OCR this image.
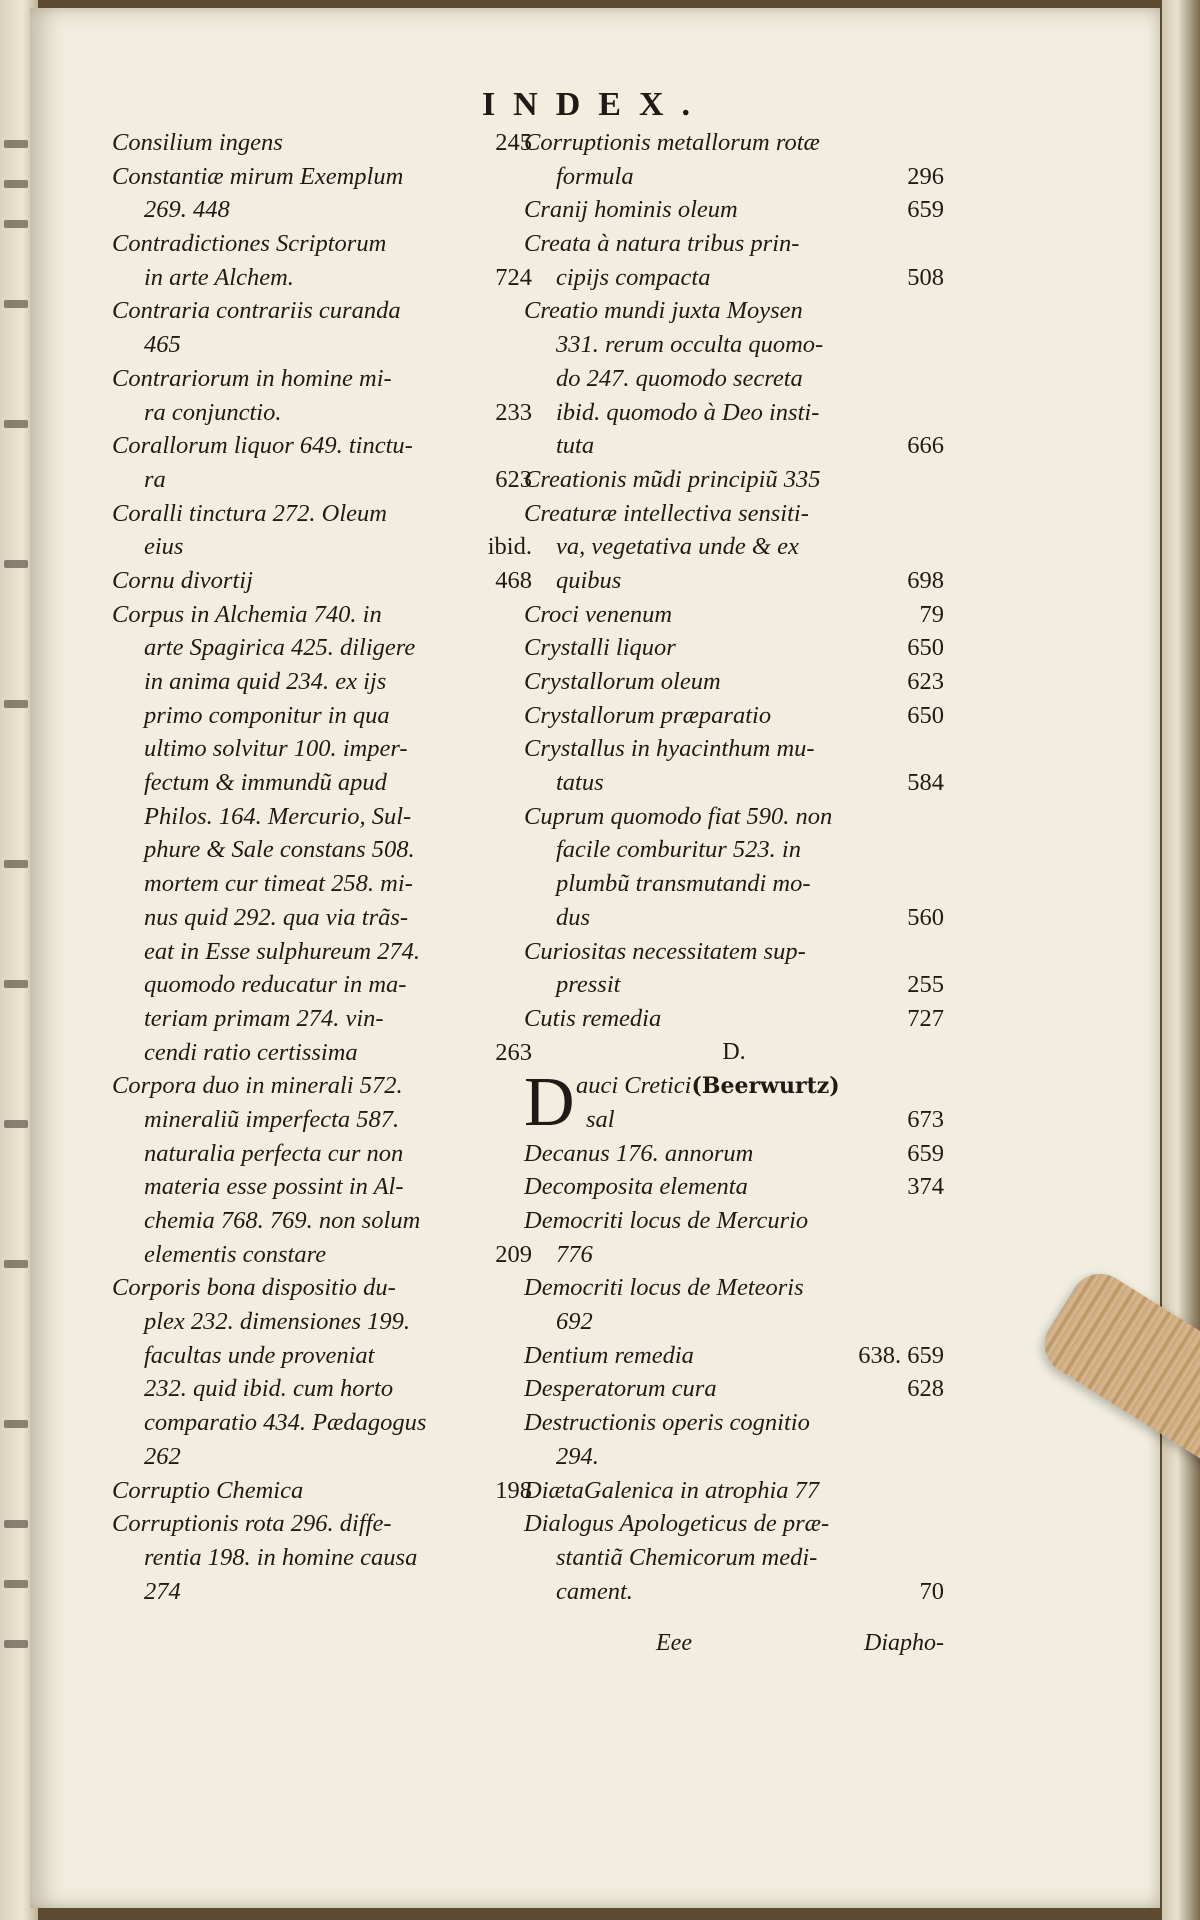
INDEX.
Consilium ingens	245
Constantiæ mirum Exemplum
269. 448
Contradictiones Scriptorum
in arte Alchem.	724
Contraria contrariis curanda
465
Contrariorum in homine mi-
ra conjunctio.	233
Corallorum liquor 649. tinctu-
ra	623
Coralli tinctura 272. Oleum
eius	ibid.
Cornu divortij	468
Corpus in Alchemia 740. in
arte Spagirica 425. diligere
in anima quid 234. ex ijs
primo componitur in qua
ultimo solvitur 100. imper-
fectum & immundũ apud
Philos. 164. Mercurio, Sul-
phure & Sale constans 508.
mortem cur timeat 258. mi-
nus quid 292. qua via trãs-
eat in Esse sulphureum 274.
quomodo reducatur in ma-
teriam primam 274. vin-
cendi ratio certissima	263
Corpora duo in minerali 572.
mineraliũ imperfecta 587.
naturalia perfecta cur non
materia esse possint in Al-
chemia 768. 769. non solum
elementis constare	209
Corporis bona dispositio du-
plex 232. dimensiones 199.
facultas unde proveniat
232. quid ibid. cum horto
comparatio 434. Pædagogus
262
Corruptio Chemica	198
Corruptionis rota 296. diffe-
rentia 198. in homine causa
274
Corruptionis metallorum rotæ
formula	296
Cranij hominis oleum	659
Creata à natura tribus prin-
cipijs compacta	508
Creatio mundi juxta Moysen
331. rerum occulta quomo-
do 247. quomodo secreta
ibid. quomodo à Deo insti-
tuta	666
Creationis mũdi principiũ 335
Creaturæ intellectiva sensiti-
va, vegetativa unde & ex
quibus	698
Croci venenum	79
Crystalli liquor	650
Crystallorum oleum	623
Crystallorum præparatio	650
Crystallus in hyacinthum mu-
tatus	584
Cuprum quomodo fiat 590. non
facile comburitur 523. in
plumbũ transmutandi mo-
dus	560
Curiositas necessitatem sup-
pressit	255
Cutis remedia	727
D.
D auci Cretici(Beerwurtz)
sal	673
Decanus 176. annorum	659
Decomposita elementa	374
Democriti locus de Mercurio
776
Democriti locus de Meteoris
692
Dentium remedia	638. 659
Desperatorum cura	628
Destructionis operis cognitio
294.
DiætaGalenica in atrophia 77
Dialogus Apologeticus de præ-
stantiã Chemicorum medi-
cament.	70
Eee	Diapho-
